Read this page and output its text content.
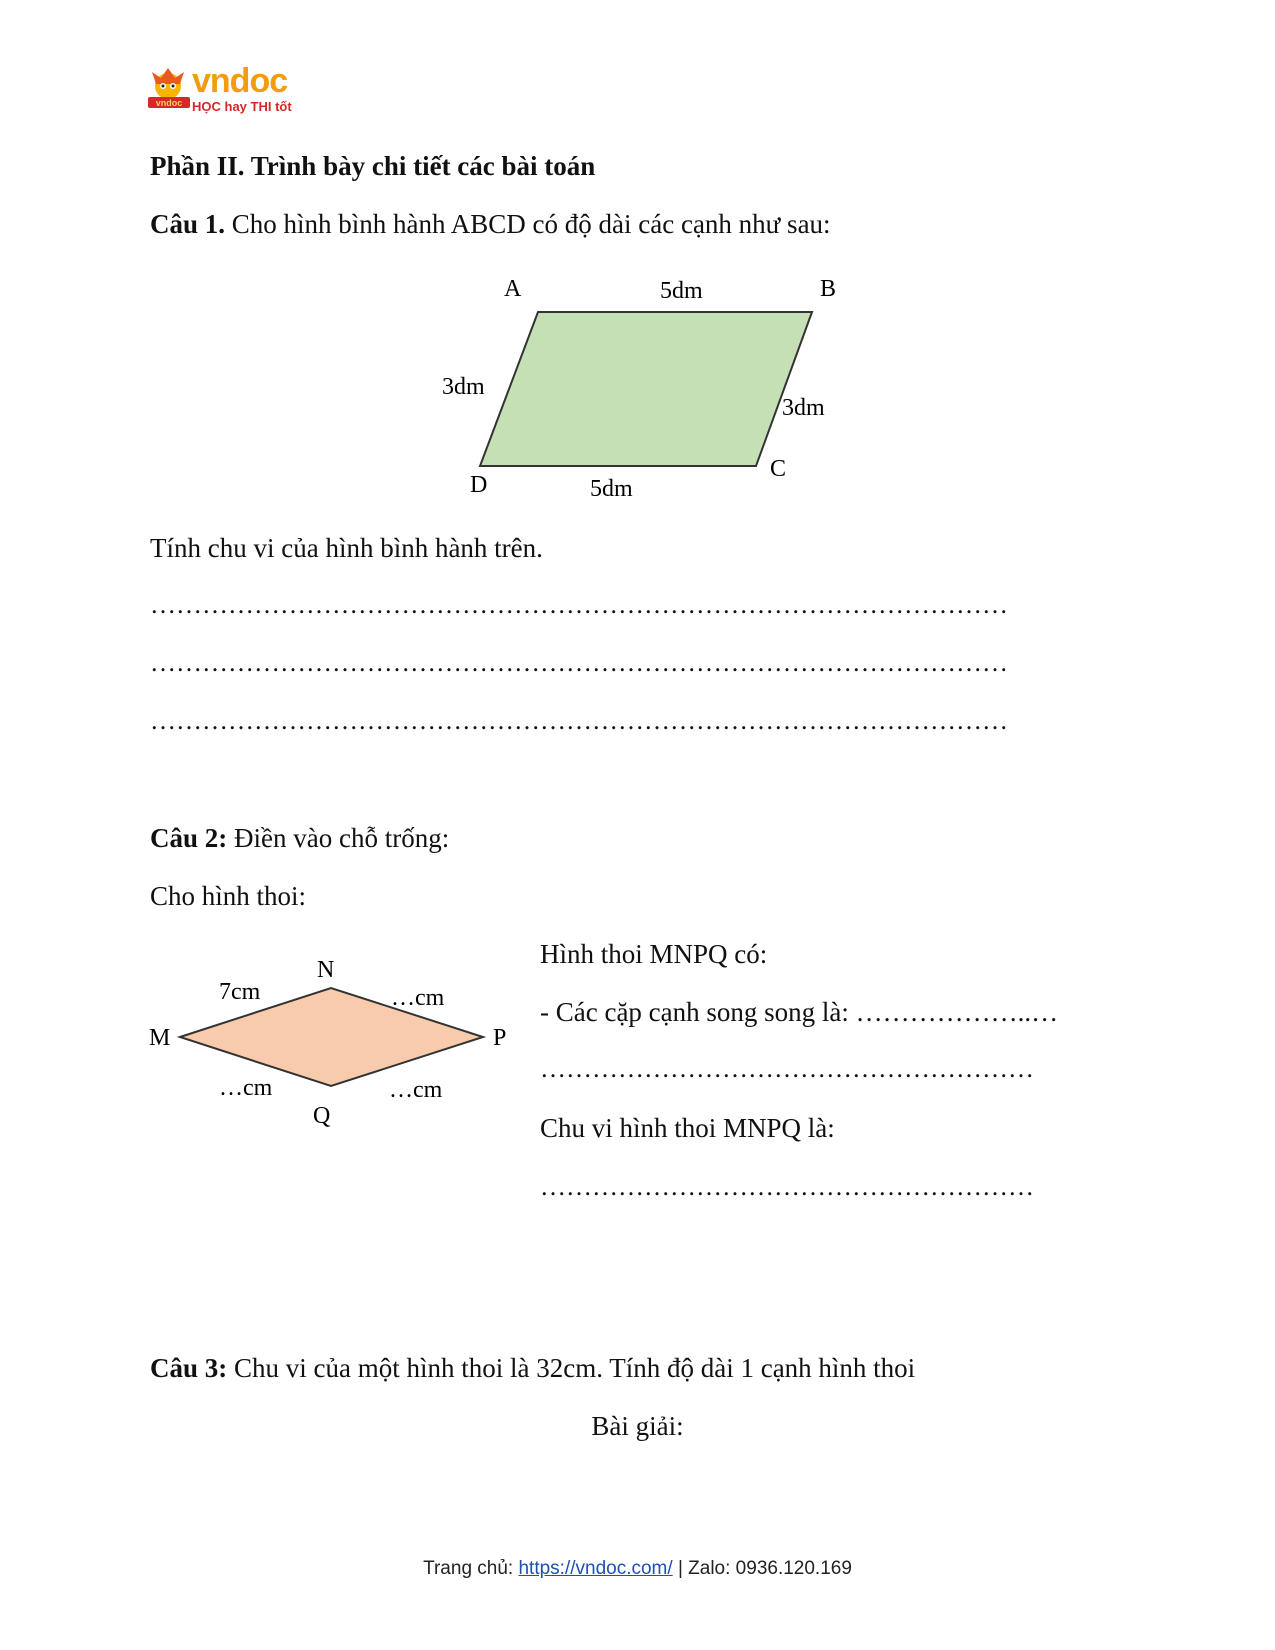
vndoc
vndoc
HỌC hay THI tốt
Phần II. Trình bày chi tiết các bài toán
Câu 1. Cho hình bình hành ABCD có độ dài các cạnh như sau:
A	B
C
D
5dm
5dm
3dm
3dm
Tính chu vi của hình bình hành trên.
………………………………………………………………………………………
………………………………………………………………………………………
………………………………………………………………………………………
Câu 2: Điền vào chỗ trống:
Cho hình thoi:
M
N
P
Q
7cm	…cm
…cm	…cm
Hình thoi MNPQ có:
- Các cặp cạnh song song là: ………………..…
…………………………………………………
Chu vi hình thoi MNPQ là:
…………………………………………………
Câu 3: Chu vi của một hình thoi là 32cm. Tính độ dài 1 cạnh hình thoi
Bài giải:
Trang chủ: https://vndoc.com/ | Zalo: 0936.120.169
